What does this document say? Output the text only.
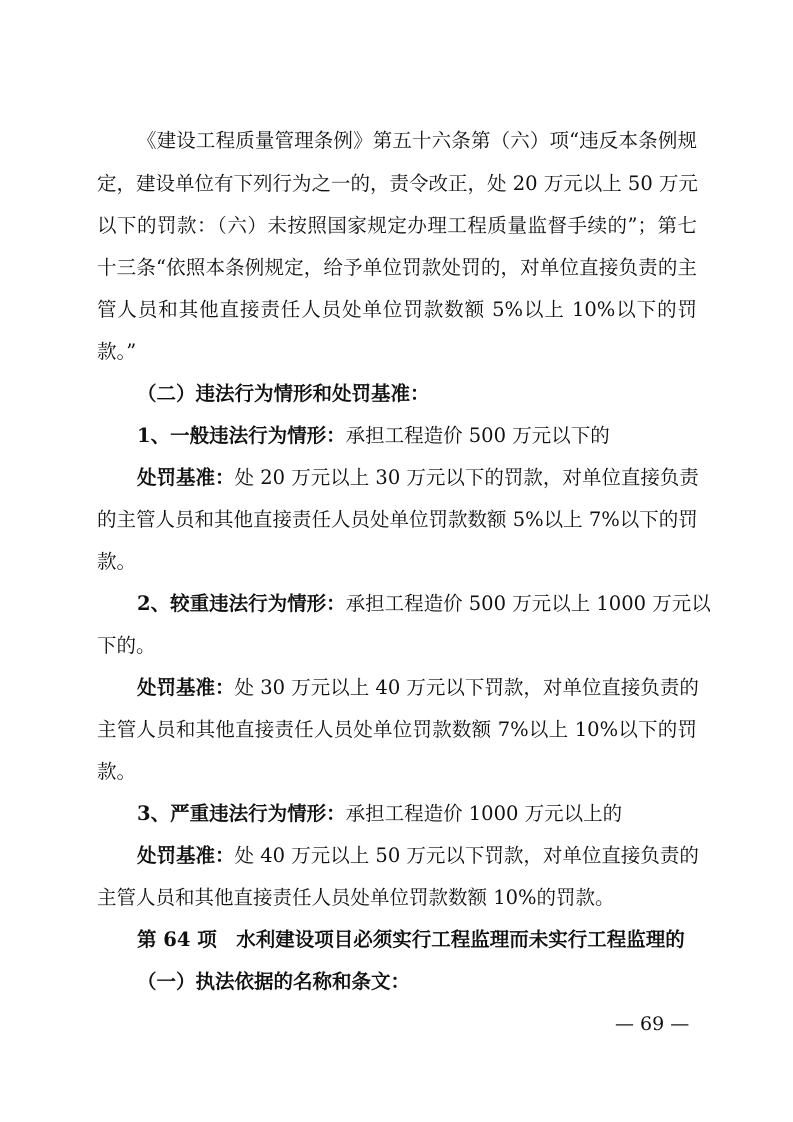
《建设工程质量管理条例》第五十六条第（六）项“违反本条例规
定，建设单位有下列行为之一的，责令改正，处 20 万元以上 50 万元
以下的罚款：（六）未按照国家规定办理工程质量监督手续的”；第七
十三条“依照本条例规定，给予单位罚款处罚的，对单位直接负责的主
管人员和其他直接责任人员处单位罚款数额 5%以上 10%以下的罚
款。”
（二）违法行为情形和处罚基准：
1、一般违法行为情形：承担工程造价 500 万元以下的
处罚基准：处 20 万元以上 30 万元以下的罚款，对单位直接负责
的主管人员和其他直接责任人员处单位罚款数额 5%以上 7%以下的罚
款。
2、较重违法行为情形：承担工程造价 500 万元以上 1000 万元以
下的。
处罚基准：处 30 万元以上 40 万元以下罚款，对单位直接负责的
主管人员和其他直接责任人员处单位罚款数额 7%以上 10%以下的罚
款。
3、严重违法行为情形：承担工程造价 1000 万元以上的
处罚基准：处 40 万元以上 50 万元以下罚款，对单位直接负责的
主管人员和其他直接责任人员处单位罚款数额 10%的罚款。
第 64 项　水利建设项目必须实行工程监理而未实行工程监理的
（一）执法依据的名称和条文：
— 69 —
